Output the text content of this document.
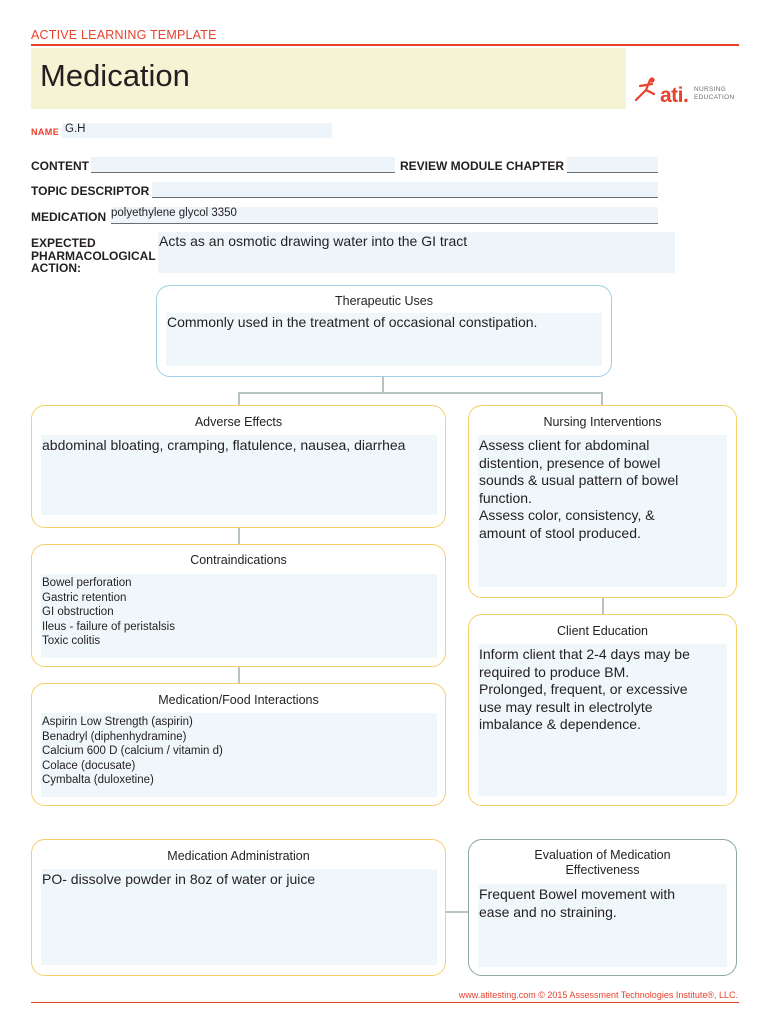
ACTIVE LEARNING TEMPLATE
Medication
ati. NURSING
EDUCATION
NAME G.H
CONTENT	REVIEW MODULE CHAPTER
TOPIC DESCRIPTOR
MEDICATION polyethylene glycol 3350
EXPECTED
PHARMACOLOGICAL
ACTION:
Acts as an osmotic drawing water into the GI tract
Therapeutic Uses
Commonly used in the treatment of occasional constipation.
Adverse Effects
abdominal bloating, cramping, flatulence, nausea, diarrhea
Nursing Interventions
Assess client for abdominal
distention, presence of bowel
sounds & usual pattern of bowel
function.
Assess color, consistency, &
amount of stool produced.
Contraindications
Bowel perforation
Gastric retention
GI obstruction
Ileus - failure of peristalsis
Toxic colitis
Client Education
Inform client that 2-4 days may be
required to produce BM.
Prolonged, frequent, or excessive
use may result in electrolyte
imbalance & dependence.
Medication/Food Interactions
Aspirin Low Strength (aspirin)
Benadryl (diphenhydramine)
Calcium 600 D (calcium / vitamin d)
Colace (docusate)
Cymbalta (duloxetine)
Medication Administration
PO- dissolve powder in 8oz of water or juice
Evaluation of Medication
Effectiveness
Frequent Bowel movement with
ease and no straining.
www.atitesting.com © 2015 Assessment Technologies Institute®, LLC.
